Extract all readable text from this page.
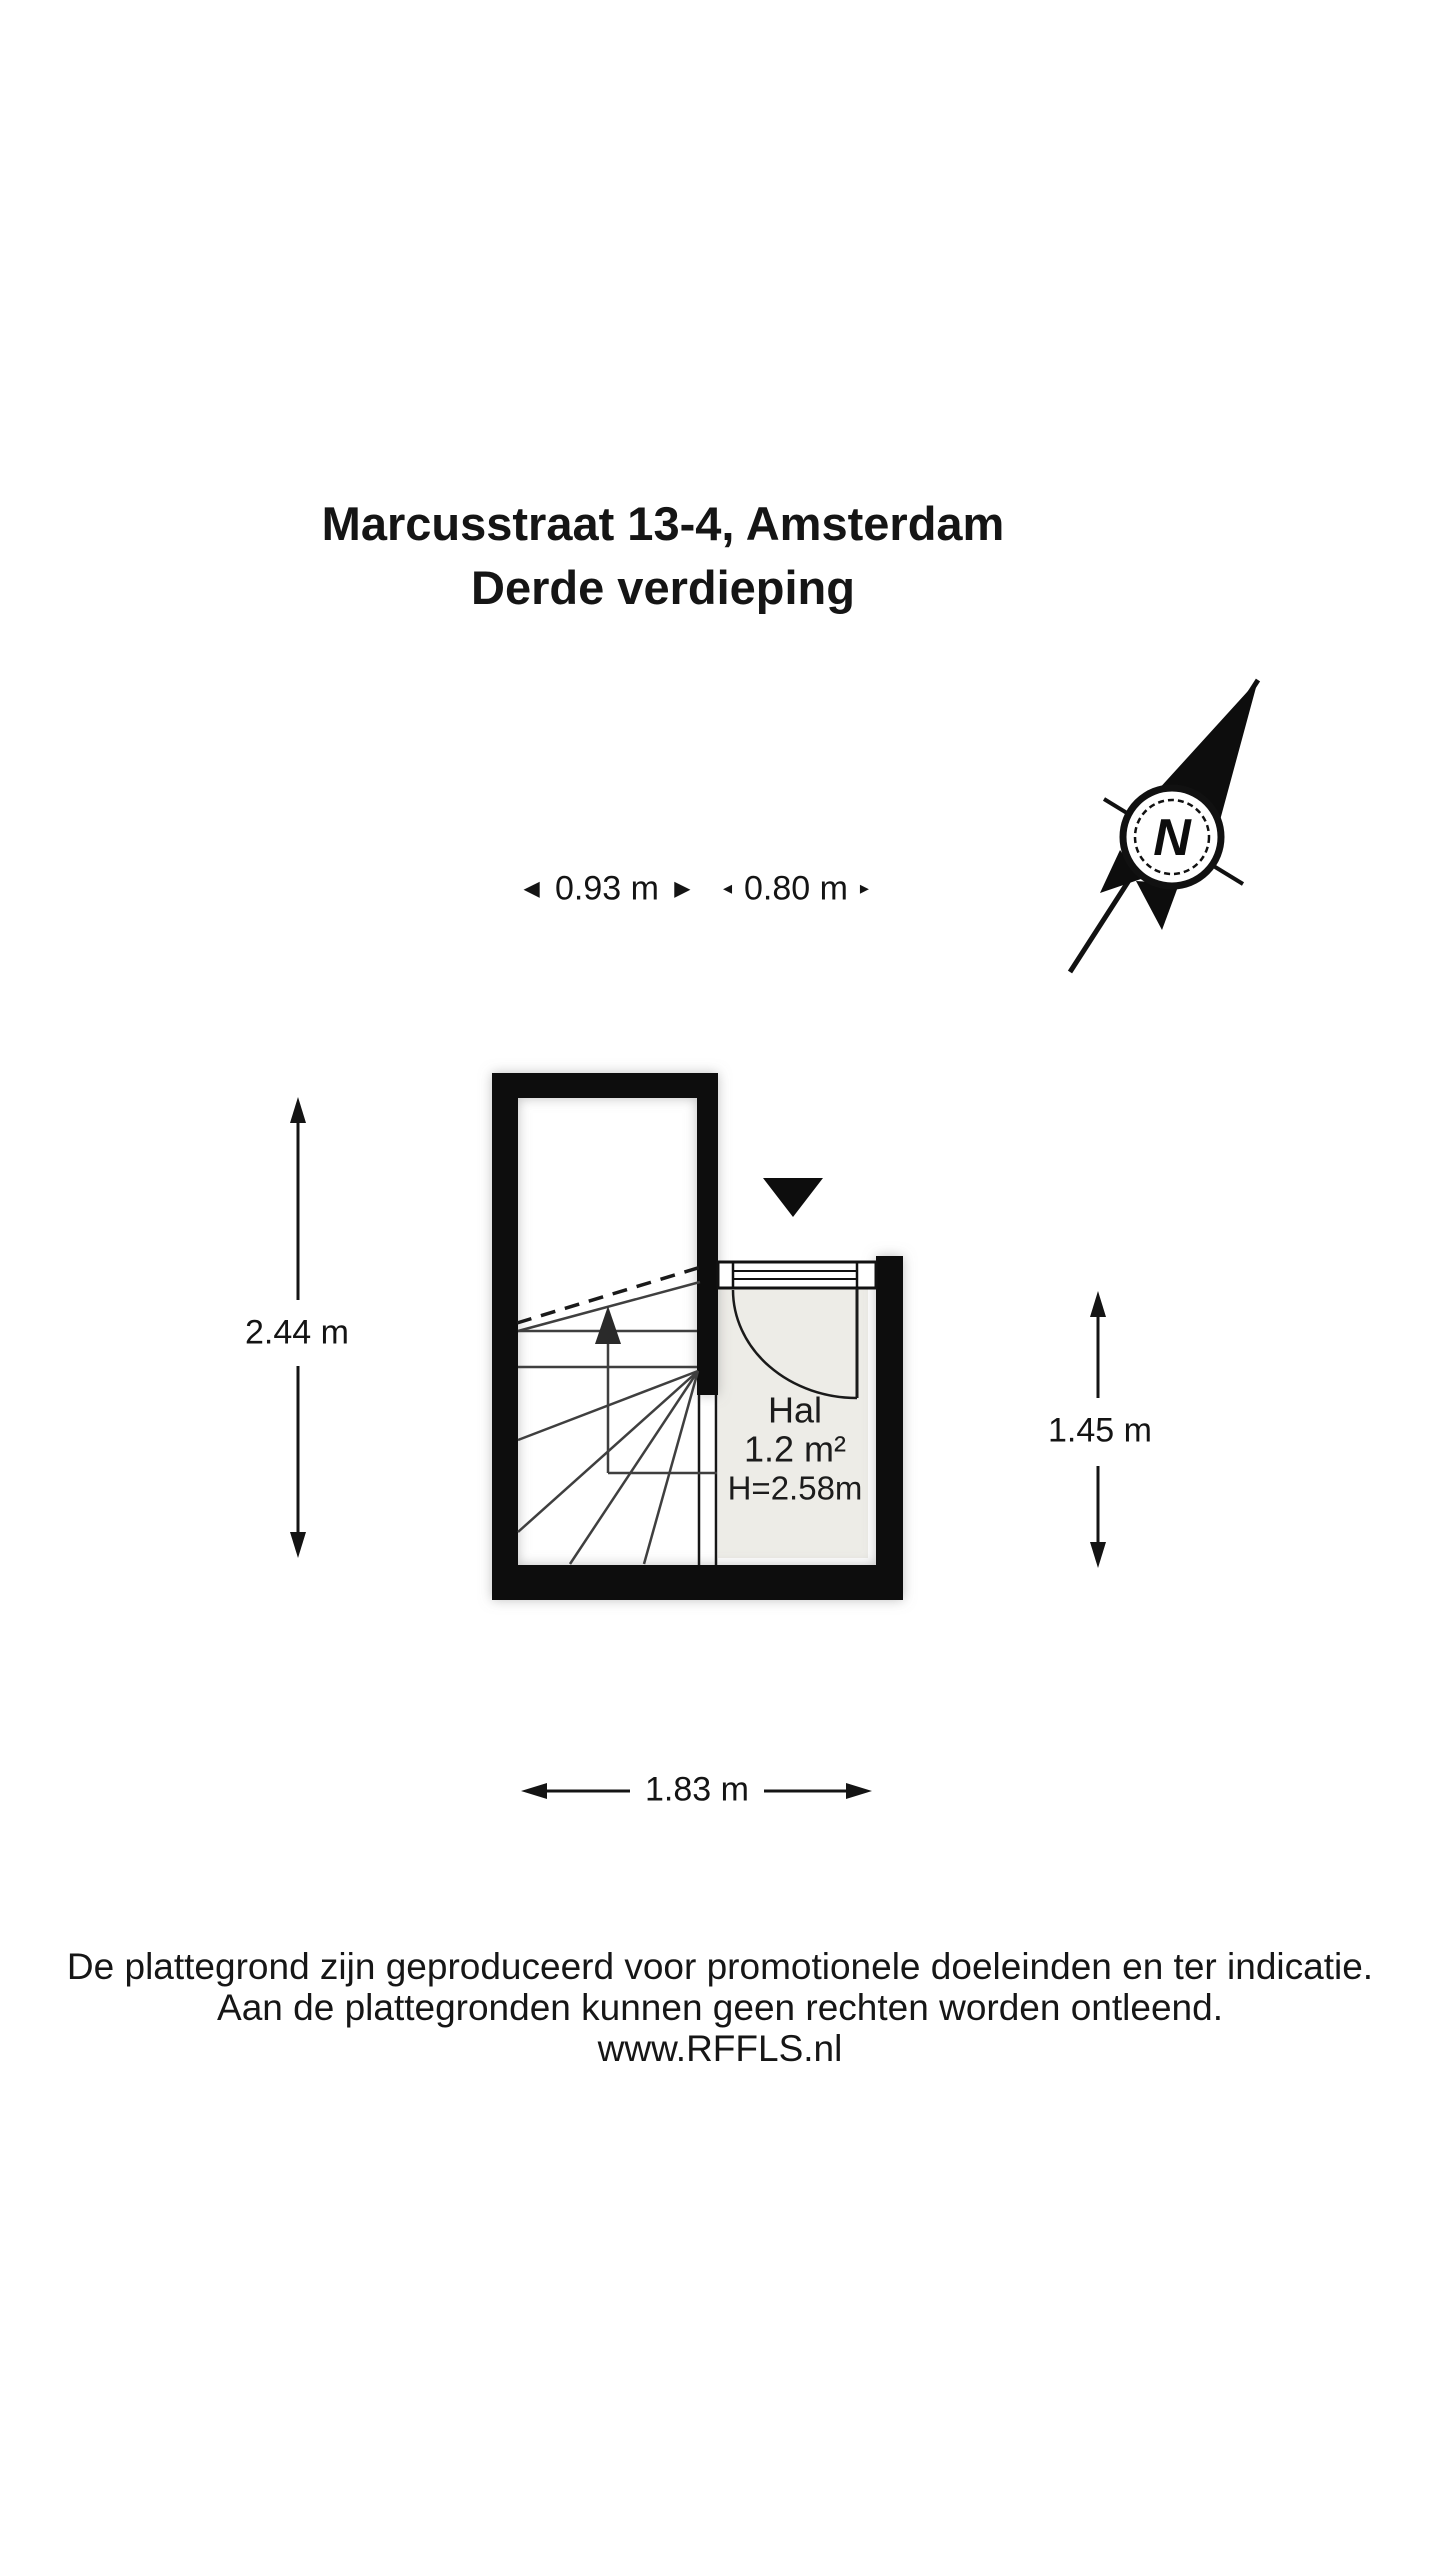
Marcusstraat 13-4, Amsterdam
Derde verdieping
N
◄ 0.93 m ► ◄ 0.80 m ►
Hal
1.2 m²
H=2.58m
2.44 m
1.45 m
1.83 m
De plattegrond zijn geproduceerd voor promotionele doeleinden en ter indicatie.
Aan de plattegronden kunnen geen rechten worden ontleend.
www.RFFLS.nl
